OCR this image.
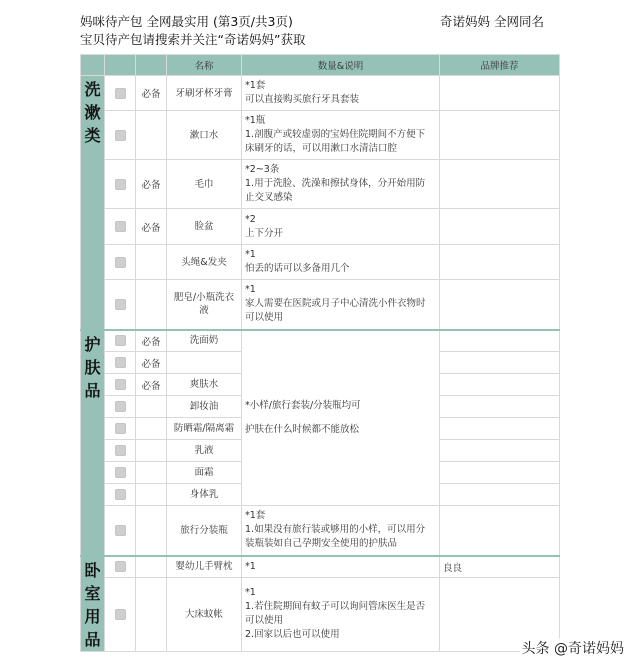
妈咪待产包 全网最实用 (第3页/共3页)	奇诺妈妈 全网同名
宝贝待产包请搜索并关注“奇诺妈妈”获取
			名称	数量&说明	品牌推荐
洗漱类		必备	牙刷牙杯牙膏	*1套
可以直接购买旅行牙具套装	

			漱口水	*1瓶
1.剖腹产或较虚弱的宝妈住院期间不方便下
床刷牙的话，可以用漱口水清洁口腔	

		必备	毛巾	*2~3条
1.用于洗脸、洗澡和擦拭身体，分开始用防
止交叉感染	

		必备	脸盆	*2
上下分开	

			头绳&发夹	*1
怕丢的话可以多备用几个	

			肥皂/小瓶洗衣液	*1
家人需要在医院或月子中心清洗小件衣物时
可以使用	

护肤品		必备	洗面奶	*小样/旅行套装/分装瓶均可
护肤在什么时候都不能放松	

		必备			
		必备	爽肤水		
			卸妆油		
			防晒霜/隔离霜		
			乳液		
			面霜		
			身体乳		
			旅行分装瓶	*1套
1.如果没有旅行装或够用的小样，可以用分
装瓶装如自己孕期安全使用的护肤品	

卧室用品			婴幼儿手臂枕	*1	良良
			大床蚊帐	*1
1.若住院期间有蚊子可以询问管床医生是否
可以使用
2.回家以后也可以使用	

头条 @奇诺妈妈
